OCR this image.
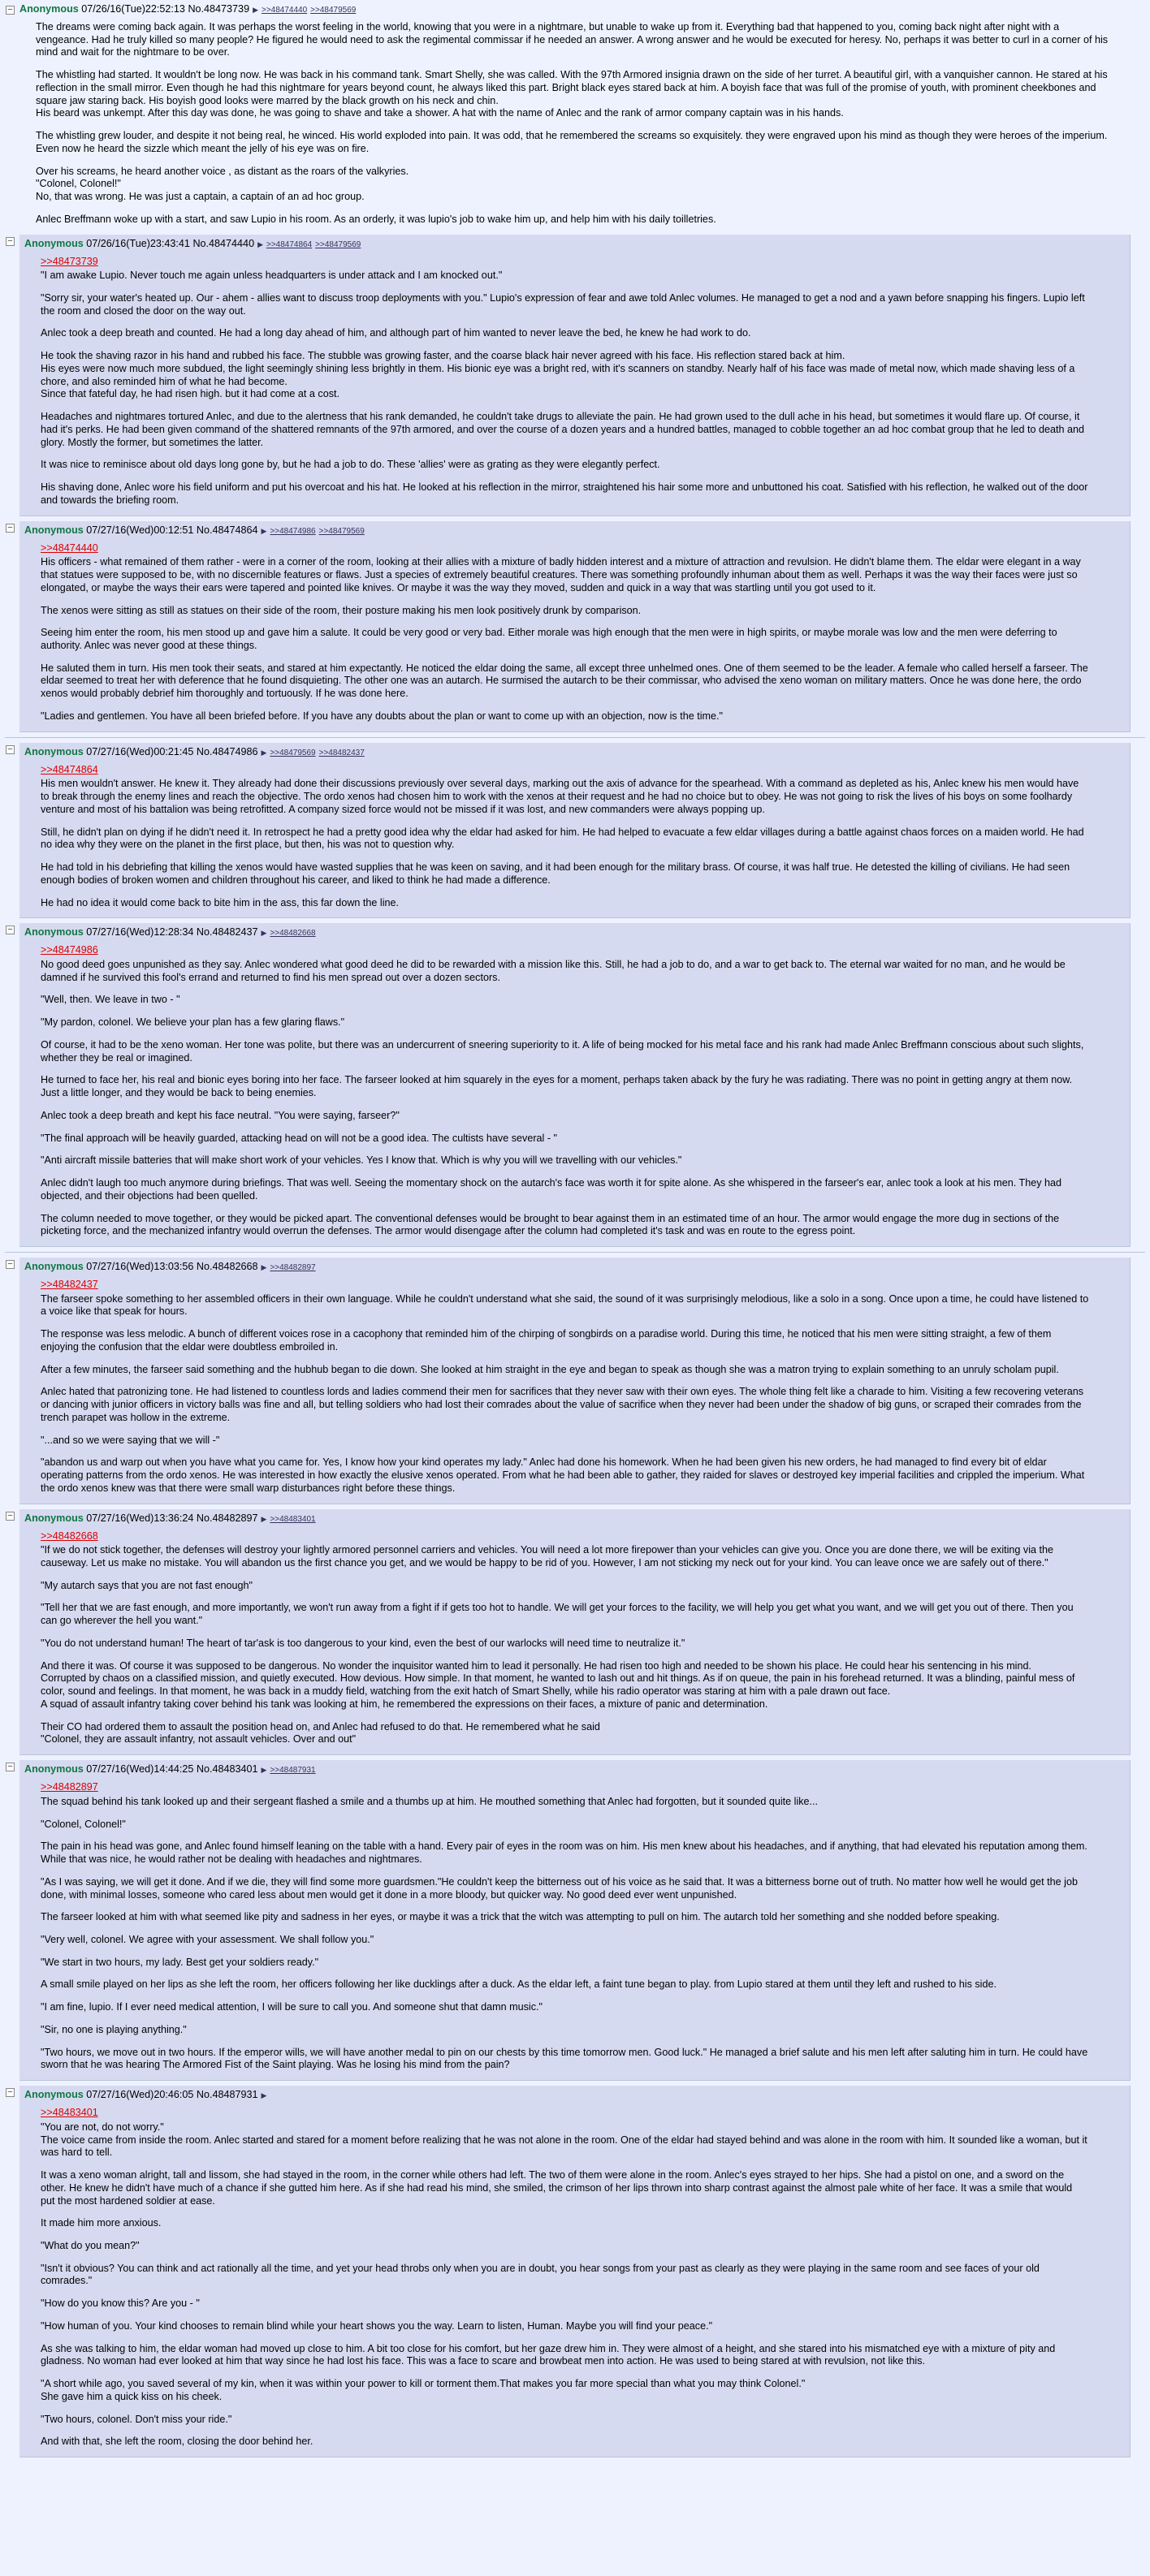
− Anonymous 07/26/16(Tue)22:52:13 No.48473739 ▶ >>48474440 >>48479569

The dreams were coming back again. It was perhaps the worst feeling in the world, knowing that you were in a nightmare, but unable to wake up from it. Everything bad that happened to you, coming back night after night with a vengeance. Had he truly killed so many people? He figured he would need to ask the regimental commissar if he needed an answer. A wrong answer and he would be executed for heresy. No, perhaps it was better to curl in a corner of his mind and wait for the nightmare to be over.

The whistling had started. It wouldn't be long now. He was back in his command tank. Smart Shelly, she was called. With the 97th Armored insignia drawn on the side of her turret. A beautiful girl, with a vanquisher cannon. He stared at his reflection in the small mirror. Even though he had this nightmare for years beyond count, he always liked this part. Bright black eyes stared back at him. A boyish face that was full of the promise of youth, with prominent cheekbones and square jaw staring back. His boyish good looks were marred by the black growth on his neck and chin.
His beard was unkempt. After this day was done, he was going to shave and take a shower. A hat with the name of Anlec and the rank of armor company captain was in his hands.

The whistling grew louder, and despite it not being real, he winced. His world exploded into pain. It was odd, that he remembered the screams so exquisitely. they were engraved upon his mind as though they were heroes of the imperium. Even now he heard the sizzle which meant the jelly of his eye was on fire.

Over his screams, he heard another voice , as distant as the roars of the valkyries.
"Colonel, Colonel!"
No, that was wrong. He was just a captain, a captain of an ad hoc group.

Anlec Breffmann woke up with a start, and saw Lupio in his room. As an orderly, it was lupio's job to wake him up, and help him with his daily toilletries.

− Anonymous 07/26/16(Tue)23:43:41 No.48474440 ▶ >>48474864 >>48479569
>>48473739

"I am awake Lupio. Never touch me again unless headquarters is under attack and I am knocked out."

"Sorry sir, your water's heated up. Our - ahem - allies want to discuss troop deployments with you." Lupio's expression of fear and awe told Anlec volumes. He managed to get a nod and a yawn before snapping his fingers. Lupio left the room and closed the door on the way out.

Anlec took a deep breath and counted. He had a long day ahead of him, and although part of him wanted to never leave the bed, he knew he had work to do.

He took the shaving razor in his hand and rubbed his face. The stubble was growing faster, and the coarse black hair never agreed with his face. His reflection stared back at him.
His eyes were now much more subdued, the light seemingly shining less brightly in them. His bionic eye was a bright red, with it's scanners on standby. Nearly half of his face was made of metal now, which made shaving less of a chore, and also reminded him of what he had become.
Since that fateful day, he had risen high. but it had come at a cost.

Headaches and nightmares tortured Anlec, and due to the alertness that his rank demanded, he couldn't take drugs to alleviate the pain. He had grown used to the dull ache in his head, but sometimes it would flare up. Of course, it had it's perks. He had been given command of the shattered remnants of the 97th armored, and over the course of a dozen years and a hundred battles, managed to cobble together an ad hoc combat group that he led to death and glory. Mostly the former, but sometimes the latter.

It was nice to reminisce about old days long gone by, but he had a job to do. These 'allies' were as grating as they were elegantly perfect.

His shaving done, Anlec wore his field uniform and put his overcoat and his hat. He looked at his reflection in the mirror, straightened his hair some more and unbuttoned his coat. Satisfied with his reflection, he walked out of the door and towards the briefing room.

− Anonymous 07/27/16(Wed)00:12:51 No.48474864 ▶ >>48474986 >>48479569
>>48474440

His officers - what remained of them rather - were in a corner of the room, looking at their allies with a mixture of badly hidden interest and a mixture of attraction and revulsion. He didn't blame them. The eldar were elegant in a way that statues were supposed to be, with no discernible features or flaws. Just a species of extremely beautiful creatures. There was something profoundly inhuman about them as well. Perhaps it was the way their faces were just so elongated, or maybe the ways their ears were tapered and pointed like knives. Or maybe it was the way they moved, sudden and quick in a way that was startling until you got used to it.

The xenos were sitting as still as statues on their side of the room, their posture making his men look positively drunk by comparison.

Seeing him enter the room, his men stood up and gave him a salute. It could be very good or very bad. Either morale was high enough that the men were in high spirits, or maybe morale was low and the men were deferring to authority. Anlec was never good at these things.

He saluted them in turn. His men took their seats, and stared at him expectantly. He noticed the eldar doing the same, all except three unhelmed ones. One of them seemed to be the leader. A female who called herself a farseer. The eldar seemed to treat her with deference that he found disquieting. The other one was an autarch. He surmised the autarch to be their commissar, who advised the xeno woman on military matters. Once he was done here, the ordo xenos would probably debrief him thoroughly and tortuously. If he was done here.

"Ladies and gentlemen. You have all been briefed before. If you have any doubts about the plan or want to come up with an objection, now is the time."

− Anonymous 07/27/16(Wed)00:21:45 No.48474986 ▶ >>48479569 >>48482437
>>48474864

His men wouldn't answer. He knew it. They already had done their discussions previously over several days, marking out the axis of advance for the spearhead. With a command as depleted as his, Anlec knew his men would have to break through the enemy lines and reach the objective. The ordo xenos had chosen him to work with the xenos at their request and he had no choice but to obey. He was not going to risk the lives of his boys on some foolhardy venture and most of his battalion was being retrofitted. A company sized force would not be missed if it was lost, and new commanders were always popping up.

Still, he didn't plan on dying if he didn't need it. In retrospect he had a pretty good idea why the eldar had asked for him. He had helped to evacuate a few eldar villages during a battle against chaos forces on a maiden world. He had no idea why they were on the planet in the first place, but then, his was not to question why.

He had told in his debriefing that killing the xenos would have wasted supplies that he was keen on saving, and it had been enough for the military brass. Of course, it was half true. He detested the killing of civilians. He had seen enough bodies of broken women and children throughout his career, and liked to think he had made a difference.

He had no idea it would come back to bite him in the ass, this far down the line.

− Anonymous 07/27/16(Wed)12:28:34 No.48482437 ▶ >>48482668
>>48474986

No good deed goes unpunished as they say. Anlec wondered what good deed he did to be rewarded with a mission like this. Still, he had a job to do, and a war to get back to. The eternal war waited for no man, and he would be damned if he survived this fool's errand and returned to find his men spread out over a dozen sectors.

"Well, then. We leave in two - "

"My pardon, colonel. We believe your plan has a few glaring flaws."

Of course, it had to be the xeno woman. Her tone was polite, but there was an undercurrent of sneering superiority to it. A life of being mocked for his metal face and his rank had made Anlec Breffmann conscious about such slights, whether they be real or imagined.

He turned to face her, his real and bionic eyes boring into her face. The farseer looked at him squarely in the eyes for a moment, perhaps taken aback by the fury he was radiating. There was no point in getting angry at them now. Just a little longer, and they would be back to being enemies.

Anlec took a deep breath and kept his face neutral. "You were saying, farseer?"

"The final approach will be heavily guarded, attacking head on will not be a good idea. The cultists have several - "

"Anti aircraft missile batteries that will make short work of your vehicles. Yes I know that. Which is why you will we travelling with our vehicles."

Anlec didn't laugh too much anymore during briefings. That was well. Seeing the momentary shock on the autarch's face was worth it for spite alone. As she whispered in the farseer's ear, anlec took a look at his men. They had objected, and their objections had been quelled.

The column needed to move together, or they would be picked apart. The conventional defenses would be brought to bear against them in an estimated time of an hour. The armor would engage the more dug in sections of the picketing force, and the mechanized infantry would overrun the defenses. The armor would disengage after the column had completed it's task and was en route to the egress point.

− Anonymous 07/27/16(Wed)13:03:56 No.48482668 ▶ >>48482897
>>48482437

The farseer spoke something to her assembled officers in their own language. While he couldn't understand what she said, the sound of it was surprisingly melodious, like a solo in a song. Once upon a time, he could have listened to a voice like that speak for hours.

The response was less melodic. A bunch of different voices rose in a cacophony that reminded him of the chirping of songbirds on a paradise world. During this time, he noticed that his men were sitting straight, a few of them enjoying the confusion that the eldar were doubtless embroiled in.

After a few minutes, the farseer said something and the hubhub began to die down. She looked at him straight in the eye and began to speak as though she was a matron trying to explain something to an unruly scholam pupil.

Anlec hated that patronizing tone. He had listened to countless lords and ladies commend their men for sacrifices that they never saw with their own eyes. The whole thing felt like a charade to him. Visiting a few recovering veterans or dancing with junior officers in victory balls was fine and all, but telling soldiers who had lost their comrades about the value of sacrifice when they never had been under the shadow of big guns, or scraped their comrades from the trench parapet was hollow in the extreme.

"...and so we were saying that we will -"

"abandon us and warp out when you have what you came for. Yes, I know how your kind operates my lady." Anlec had done his homework. When he had been given his new orders, he had managed to find every bit of eldar operating patterns from the ordo xenos. He was interested in how exactly the elusive xenos operated. From what he had been able to gather, they raided for slaves or destroyed key imperial facilities and crippled the imperium. What the ordo xenos knew was that there were small warp disturbances right before these things.

− Anonymous 07/27/16(Wed)13:36:24 No.48482897 ▶ >>48483401
>>48482668

"If we do not stick together, the defenses will destroy your lightly armored personnel carriers and vehicles. You will need a lot more firepower than your vehicles can give you. Once you are done there, we will be exiting via the causeway. Let us make no mistake. You will abandon us the first chance you get, and we would be happy to be rid of you. However, I am not sticking my neck out for your kind. You can leave once we are safely out of there."

"My autarch says that you are not fast enough"

"Tell her that we are fast enough, and more importantly, we won't run away from a fight if if gets too hot to handle. We will get your forces to the facility, we will help you get what you want, and we will get you out of there. Then you can go wherever the hell you want."

"You do not understand human! The heart of tar'ask is too dangerous to your kind, even the best of our warlocks will need time to neutralize it."

And there it was. Of course it was supposed to be dangerous. No wonder the inquisitor wanted him to lead it personally. He had risen too high and needed to be shown his place. He could hear his sentencing in his mind.
Corrupted by chaos on a classified mission, and quietly executed. How devious. How simple. In that moment, he wanted to lash out and hit things. As if on queue, the pain in his forehead returned. It was a blinding, painful mess of color, sound and feelings. In that moment, he was back in a muddy field, watching from the exit hatch of Smart Shelly, while his radio operator was staring at him with a pale drawn out face.
A squad of assault infantry taking cover behind his tank was looking at him, he remembered the expressions on their faces, a mixture of panic and determination.

Their CO had ordered them to assault the position head on, and Anlec had refused to do that. He remembered what he said
"Colonel, they are assault infantry, not assault vehicles. Over and out"

− Anonymous 07/27/16(Wed)14:44:25 No.48483401 ▶ >>48487931
>>48482897

The squad behind his tank looked up and their sergeant flashed a smile and a thumbs up at him. He mouthed something that Anlec had forgotten, but it sounded quite like...

"Colonel, Colonel!"

The pain in his head was gone, and Anlec found himself leaning on the table with a hand. Every pair of eyes in the room was on him. His men knew about his headaches, and if anything, that had elevated his reputation among them. While that was nice, he would rather not be dealing with headaches and nightmares.

"As I was saying, we will get it done. And if we die, they will find some more guardsmen."He couldn't keep the bitterness out of his voice as he said that. It was a bitterness borne out of truth. No matter how well he would get the job done, with minimal losses, someone who cared less about men would get it done in a more bloody, but quicker way. No good deed ever went unpunished.

The farseer looked at him with what seemed like pity and sadness in her eyes, or maybe it was a trick that the witch was attempting to pull on him. The autarch told her something and she nodded before speaking.

"Very well, colonel. We agree with your assessment. We shall follow you."

"We start in two hours, my lady. Best get your soldiers ready."

A small smile played on her lips as she left the room, her officers following her like ducklings after a duck. As the eldar left, a faint tune began to play. from Lupio stared at them until they left and rushed to his side.

"I am fine, lupio. If I ever need medical attention, I will be sure to call you. And someone shut that damn music."

"Sir, no one is playing anything."

"Two hours, we move out in two hours. If the emperor wills, we will have another medal to pin on our chests by this time tomorrow men. Good luck." He managed a brief salute and his men left after saluting him in turn. He could have sworn that he was hearing The Armored Fist of the Saint playing. Was he losing his mind from the pain?

− Anonymous 07/27/16(Wed)20:46:05 No.48487931 ▶
>>48483401

"You are not, do not worry."
The voice came from inside the room. Anlec started and stared for a moment before realizing that he was not alone in the room. One of the eldar had stayed behind and was alone in the room with him. It sounded like a woman, but it was hard to tell.

It was a xeno woman alright, tall and lissom, she had stayed in the room, in the corner while others had left. The two of them were alone in the room. Anlec's eyes strayed to her hips. She had a pistol on one, and a sword on the other. He knew he didn't have much of a chance if she gutted him here. As if she had read his mind, she smiled, the crimson of her lips thrown into sharp contrast against the almost pale white of her face. It was a smile that would put the most hardened soldier at ease.

It made him more anxious.

"What do you mean?"

"Isn't it obvious? You can think and act rationally all the time, and yet your head throbs only when you are in doubt, you hear songs from your past as clearly as they were playing in the same room and see faces of your old comrades."

"How do you know this? Are you - "

"How human of you. Your kind chooses to remain blind while your heart shows you the way. Learn to listen, Human. Maybe you will find your peace."

As she was talking to him, the eldar woman had moved up close to him. A bit too close for his comfort, but her gaze drew him in. They were almost of a height, and she stared into his mismatched eye with a mixture of pity and gladness. No woman had ever looked at him that way since he had lost his face. This was a face to scare and browbeat men into action. He was used to being stared at with revulsion, not like this.

"A short while ago, you saved several of my kin, when it was within your power to kill or torment them.That makes you far more special than what you may think Colonel."
She gave him a quick kiss on his cheek.

"Two hours, colonel. Don't miss your ride."

And with that, she left the room, closing the door behind her.
